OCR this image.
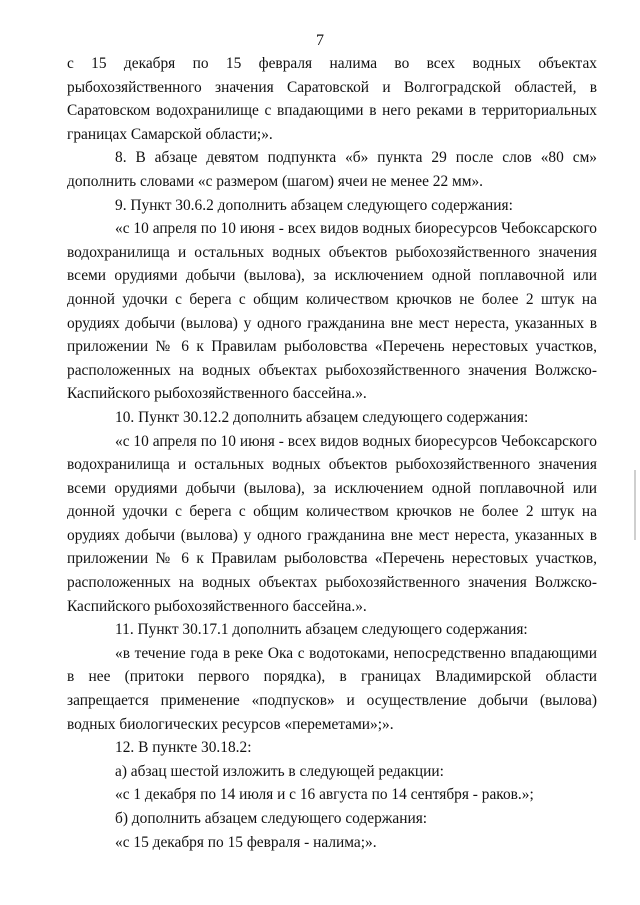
7

с 15 декабря по 15 февраля налима во всех водных объектах рыбохозяйственного значения Саратовской и Волгоградской областей, в Саратовском водохранилище с впадающими в него реками в территориальных границах Самарской области;».

8. В абзаце девятом подпункта «б» пункта 29 после слов «80 см» дополнить словами «с размером (шагом) ячеи не менее 22 мм».

9. Пункт 30.6.2 дополнить абзацем следующего содержания:

«с 10 апреля по 10 июня - всех видов водных биоресурсов Чебоксарского водохранилища и остальных водных объектов рыбохозяйственного значения всеми орудиями добычи (вылова), за исключением одной поплавочной или донной удочки с берега с общим количеством крючков не более 2 штук на орудиях добычи (вылова) у одного гражданина вне мест нереста, указанных в приложении № 6 к Правилам рыболовства «Перечень нерестовых участков, расположенных на водных объектах рыбохозяйственного значения Волжско-Каспийского рыбохозяйственного бассейна.».

10. Пункт 30.12.2 дополнить абзацем следующего содержания:

«с 10 апреля по 10 июня - всех видов водных биоресурсов Чебоксарского водохранилища и остальных водных объектов рыбохозяйственного значения всеми орудиями добычи (вылова), за исключением одной поплавочной или донной удочки с берега с общим количеством крючков не более 2 штук на орудиях добычи (вылова) у одного гражданина вне мест нереста, указанных в приложении № 6 к Правилам рыболовства «Перечень нерестовых участков, расположенных на водных объектах рыбохозяйственного значения Волжско-Каспийского рыбохозяйственного бассейна.».

11. Пункт 30.17.1 дополнить абзацем следующего содержания:

«в течение года в реке Ока с водотоками, непосредственно впадающими в нее (притоки первого порядка), в границах Владимирской области запрещается применение «подпусков» и осуществление добычи (вылова) водных биологических ресурсов «переметами»;».

12. В пункте 30.18.2:

а) абзац шестой изложить в следующей редакции:

«с 1 декабря по 14 июля и с 16 августа по 14 сентября - раков.»;

б) дополнить абзацем следующего содержания:

«с 15 декабря по 15 февраля - налима;».
